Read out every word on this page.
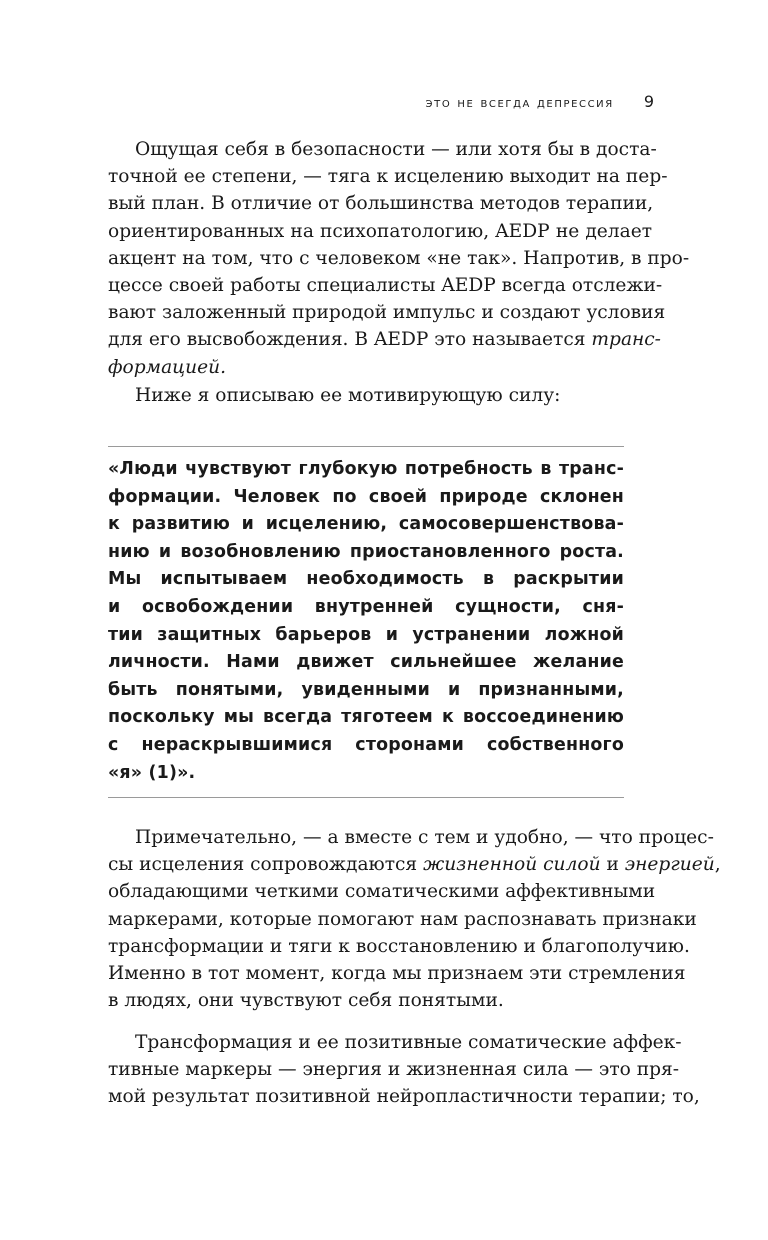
это не всегда депрессия 9

Ощущая себя в безопасности — или хотя бы в доста-
точной ее степени, — тяга к исцелению выходит на пер-
вый план. В отличие от большинства методов терапии,
ориентированных на психопатологию, AEDP не делает
акцент на том, что с человеком «не так». Напротив, в про-
цессе своей работы специалисты AEDP всегда отслежи-
вают заложенный природой импульс и создают условия
для его высвобождения. В AEDP это называется транс-
формацией.

Ниже я описываю ее мотивирующую силу:

«Люди чувствуют глубокую потребность в транс-
формации. Человек по своей природе склонен
к развитию и исцелению, самосовершенствова-
нию и возобновлению приостановленного роста.
Мы испытываем необходимость в раскрытии
и освобождении внутренней сущности, сня-
тии защитных барьеров и устранении ложной
личности. Нами движет сильнейшее желание
быть понятыми, увиденными и признанными,
поскольку мы всегда тяготеем к воссоединению
с нераскрывшимися сторонами собственного
«я» (1)».

Примечательно, — а вместе с тем и удобно, — что процес-
сы исцеления сопровождаются жизненной силой и энергией,
обладающими четкими соматическими аффективными
маркерами, которые помогают нам распознавать признаки
трансформации и тяги к восстановлению и благополучию.
Именно в тот момент, когда мы признаем эти стремления
в людях, они чувствуют себя понятыми.

Трансформация и ее позитивные соматические аффек-
тивные маркеры — энергия и жизненная сила — это пря-
мой результат позитивной нейропластичности терапии; то,
